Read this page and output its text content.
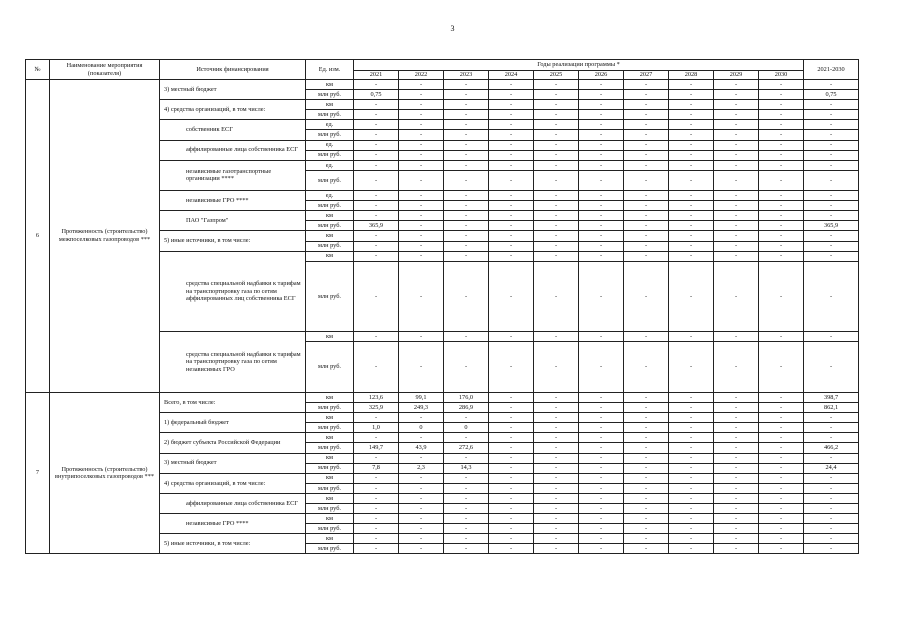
3
№	Наименование мероприятия (показателя)	Источник финансирования	Ед. изм.	Годы реализации программы *										2021-2030
				2021	2022	2023	2024	2025	2026	2027	2028	2029	2030	
6	Протяженность (строительство) межпоселковых газопроводов ***	3) местный бюджет	км	-	-	-	-	-	-	-	-	-	-	-
			млн руб.	0,75	-	-	-	-	-	-	-	-	-	0,75
		4) средства организаций, в том числе:	км	-	-	-	-	-	-	-	-	-	-	-
			млн руб.	-	-	-	-	-	-	-	-	-	-	-
		собственник ЕСГ	ед.	-	-	-	-	-	-	-	-	-	-	-
			млн руб.	-	-	-	-	-	-	-	-	-	-	-
		аффилированные лица собственника ЕСГ	ед.	-	-	-	-	-	-	-	-	-	-	-
			млн руб.	-	-	-	-	-	-	-	-	-	-	-
		независимые газотранспортные организации ****	ед.	-	-	-	-	-	-	-	-	-	-	-
			млн руб.	-	-	-	-	-	-	-	-	-	-	-
		независимые ГРО ****	ед.	-	-	-	-	-	-	-	-	-	-	-
			млн руб.	-	-	-	-	-	-	-	-	-	-	-
		ПАО "Газпром"	км	-	-	-	-	-	-	-	-	-	-	-
			млн руб.	365,9	-	-	-	-	-	-	-	-	-	365,9
		5) иные источники, в том числе:	км	-	-	-	-	-	-	-	-	-	-	-
			млн руб.	-	-	-	-	-	-	-	-	-	-	-
		средства специальной надбавки к тарифам на транспортировку газа по сетям аффилированных лиц собственника ЕСГ	км	-	-	-	-	-	-	-	-	-	-	-
			млн руб.	-	-	-	-	-	-	-	-	-	-	-
		средства специальной надбавки к тарифам на транспортировку газа по сетям независимых ГРО	км	-	-	-	-	-	-	-	-	-	-	-
			млн руб.	-	-	-	-	-	-	-	-	-	-	-
7	Протяженность (строительство) внутрипоселковых газопроводов ***	Всего, в том числе:	км	123,6	99,1	176,0	-	-	-	-	-	-	-	398,7
			млн руб.	325,9	249,3	286,9	-	-	-	-	-	-	-	862,1
		1) федеральный бюджет	км	-	-	-	-	-	-	-	-	-	-	-
			млн руб.	1,0	0	0	-	-	-	-	-	-	-	-
		2) бюджет субъекта Российской Федерации	км	-	-	-	-	-	-	-	-	-	-	-
			млн руб.	149,7	43,9	272,6	-	-	-	-	-	-	-	466,2
		3) местный бюджет	км	-	-	-	-	-	-	-	-	-	-	-
			млн руб.	7,8	2,3	14,3	-	-	-	-	-	-	-	24,4
		4) средства организаций, в том числе:	км	-	-	-	-	-	-	-	-	-	-	-
			млн руб.	-	-	-	-	-	-	-	-	-	-	-
		аффилированные лица собственника ЕСГ	км	-	-	-	-	-	-	-	-	-	-	-
			млн руб.	-	-	-	-	-	-	-	-	-	-	-
		независимые ГРО ****	км	-	-	-	-	-	-	-	-	-	-	-
			млн руб.	-	-	-	-	-	-	-	-	-	-	-
		5) иные источники, в том числе:	км	-	-	-	-	-	-	-	-	-	-	-
			млн руб.	-	-	-	-	-	-	-	-	-	-	-
